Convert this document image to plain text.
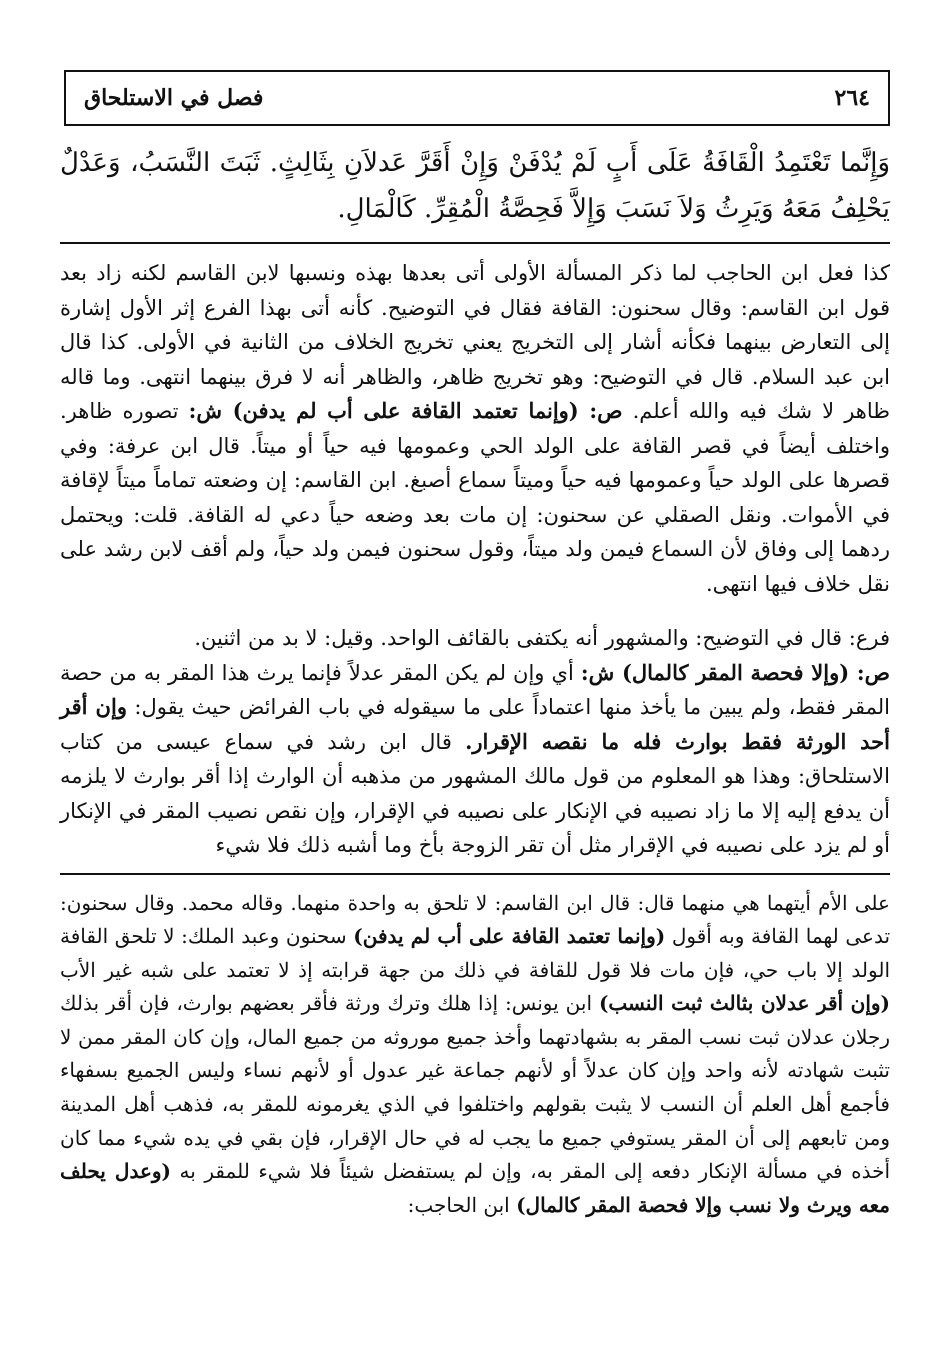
٢٦٤
فصل في الاستلحاق
وَإِنَّما تَعْتَمِدُ الْقَافَةُ عَلَى أَبٍ لَمْ يُدْفَنْ وَإِنْ أَقَرَّ عَدلاَنِ بِثَالِثٍ. ثَبَتَ النَّسَبُ، وَعَدْلٌ يَحْلِفُ مَعَهُ وَيَرِثُ وَلاَ نَسَبَ وَإِلاَّ فَحِصَّةُ الْمُقِرِّ. كَالْمَالِ.

كذا فعل ابن الحاجب لما ذكر المسألة الأولى أتى بعدها بهذه ونسبها لابن القاسم لكنه زاد بعد قول ابن القاسم: وقال سحنون: القافة فقال في التوضيح. كأنه أتى بهذا الفرع إثر الأول إشارة إلى التعارض بينهما فكأنه أشار إلى التخريج يعني تخريج الخلاف من الثانية في الأولى. كذا قال ابن عبد السلام. قال في التوضيح: وهو تخريج ظاهر، والظاهر أنه لا فرق بينهما انتهى. وما قاله ظاهر لا شك فيه والله أعلم. ص: (وإنما تعتمد القافة على أب لم يدفن) ش: تصوره ظاهر. واختلف أيضاً في قصر القافة على الولد الحي وعمومها فيه حياً أو ميتاً. قال ابن عرفة: وفي قصرها على الولد حياً وعمومها فيه حياً وميتاً سماع أصبغ. ابن القاسم: إن وضعته تماماً ميتاً لإقافة في الأموات. ونقل الصقلي عن سحنون: إن مات بعد وضعه حياً دعي له القافة. قلت: ويحتمل ردهما إلى وفاق لأن السماع فيمن ولد ميتاً، وقول سحنون فيمن ولد حياً، ولم أقف لابن رشد على نقل خلاف فيها انتهى.

فرع: قال في التوضيح: والمشهور أنه يكتفى بالقائف الواحد. وقيل: لا بد من اثنين.

ص: (وإلا فحصة المقر كالمال) ش: أي وإن لم يكن المقر عدلاً فإنما يرث هذا المقر به من حصة المقر فقط، ولم يبين ما يأخذ منها اعتماداً على ما سيقوله في باب الفرائض حيث يقول: وإن أقر أحد الورثة فقط بوارث فله ما نقصه الإقرار. قال ابن رشد في سماع عيسى من كتاب الاستلحاق: وهذا هو المعلوم من قول مالك المشهور من مذهبه أن الوارث إذا أقر بوارث لا يلزمه أن يدفع إليه إلا ما زاد نصيبه في الإنكار على نصيبه في الإقرار، وإن نقص نصيب المقر في الإنكار أو لم يزد على نصيبه في الإقرار مثل أن تقر الزوجة بأخ وما أشبه ذلك فلا شيء

على الأم أيتهما هي منهما قال: قال ابن القاسم: لا تلحق به واحدة منهما. وقاله محمد. وقال سحنون: تدعى لهما القافة وبه أقول (وإنما تعتمد القافة على أب لم يدفن) سحنون وعبد الملك: لا تلحق القافة الولد إلا باب حي، فإن مات فلا قول للقافة في ذلك من جهة قرابته إذ لا تعتمد على شبه غير الأب (وإن أقر عدلان بثالث ثبت النسب) ابن يونس: إذا هلك وترك ورثة فأقر بعضهم بوارث، فإن أقر بذلك رجلان عدلان ثبت نسب المقر به بشهادتهما وأخذ جميع موروثه من جميع المال، وإن كان المقر ممن لا تثبت شهادته لأنه واحد وإن كان عدلاً أو لأنهم جماعة غير عدول أو لأنهم نساء وليس الجميع بسفهاء فأجمع أهل العلم أن النسب لا يثبت بقولهم واختلفوا في الذي يغرمونه للمقر به، فذهب أهل المدينة ومن تابعهم إلى أن المقر يستوفي جميع ما يجب له في حال الإقرار، فإن بقي في يده شيء مما كان أخذه في مسألة الإنكار دفعه إلى المقر به، وإن لم يستفضل شيئاً فلا شيء للمقر به (وعدل يحلف معه ويرث ولا نسب وإلا فحصة المقر كالمال) ابن الحاجب:
